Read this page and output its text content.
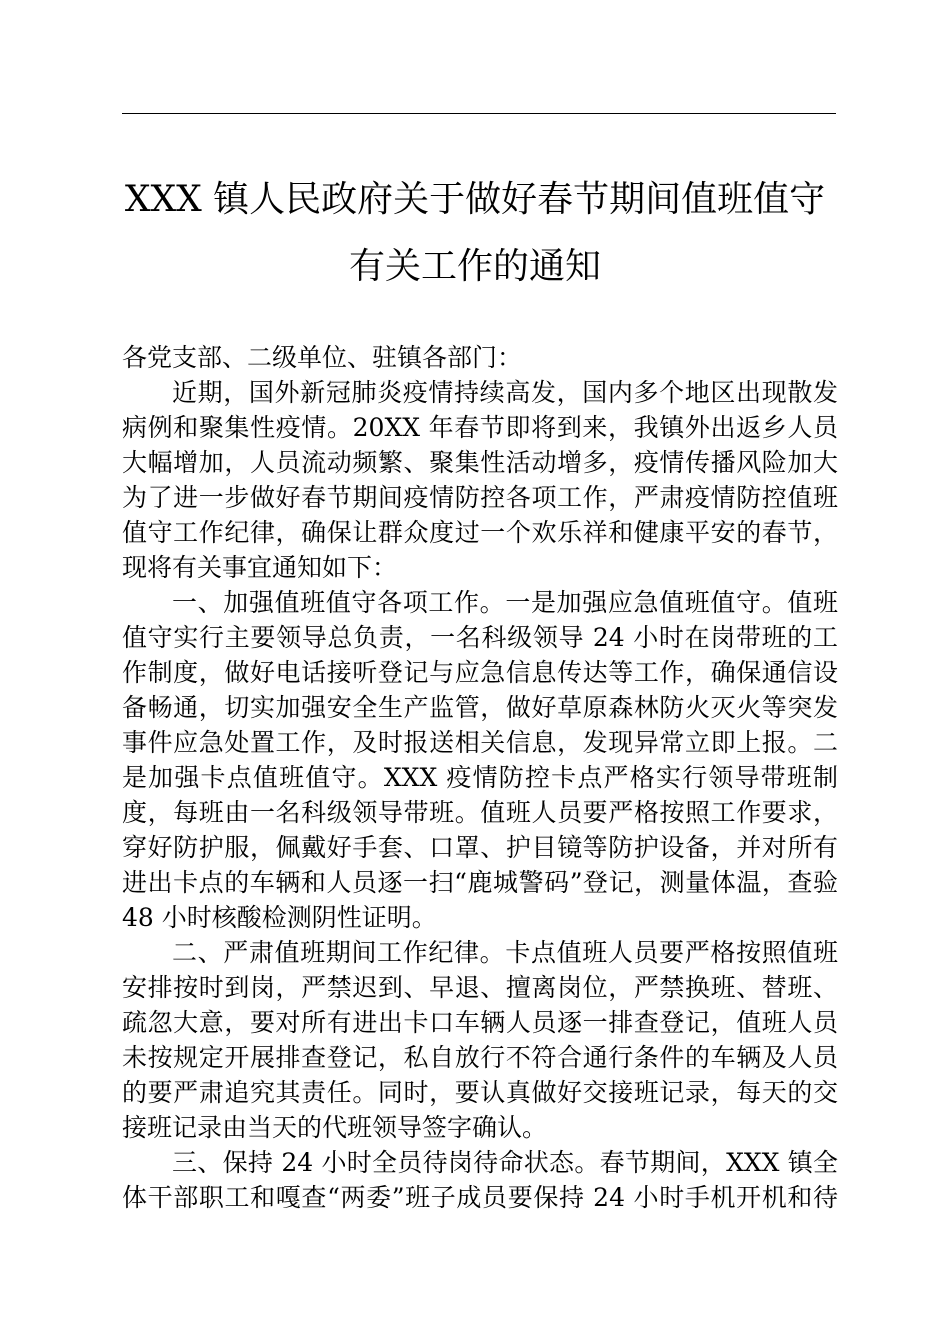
XXX 镇人民政府关于做好春节期间值班值守
有关工作的通知
各党支部、二级单位、驻镇各部门：
近期，国外新冠肺炎疫情持续高发，国内多个地区出现散发
病例和聚集性疫情。20XX 年春节即将到来，我镇外出返乡人员
大幅增加，人员流动频繁、聚集性活动增多，疫情传播风险加大
为了进一步做好春节期间疫情防控各项工作，严肃疫情防控值班
值守工作纪律，确保让群众度过一个欢乐祥和健康平安的春节，
现将有关事宜通知如下：
一、加强值班值守各项工作。一是加强应急值班值守。值班
值守实行主要领导总负责，一名科级领导 24 小时在岗带班的工
作制度，做好电话接听登记与应急信息传达等工作，确保通信设
备畅通，切实加强安全生产监管，做好草原森林防火灭火等突发
事件应急处置工作，及时报送相关信息，发现异常立即上报。二
是加强卡点值班值守。XXX 疫情防控卡点严格实行领导带班制
度，每班由一名科级领导带班。值班人员要严格按照工作要求，
穿好防护服，佩戴好手套、口罩、护目镜等防护设备，并对所有
进出卡点的车辆和人员逐一扫“鹿城警码”登记，测量体温，查验
48 小时核酸检测阴性证明。
二、严肃值班期间工作纪律。卡点值班人员要严格按照值班
安排按时到岗，严禁迟到、早退、擅离岗位，严禁换班、替班、
疏忽大意，要对所有进出卡口车辆人员逐一排查登记，值班人员
未按规定开展排查登记，私自放行不符合通行条件的车辆及人员
的要严肃追究其责任。同时，要认真做好交接班记录，每天的交
接班记录由当天的代班领导签字确认。
三、保持 24 小时全员待岗待命状态。春节期间，XXX 镇全
体干部职工和嘎查“两委”班子成员要保持 24 小时手机开机和待
